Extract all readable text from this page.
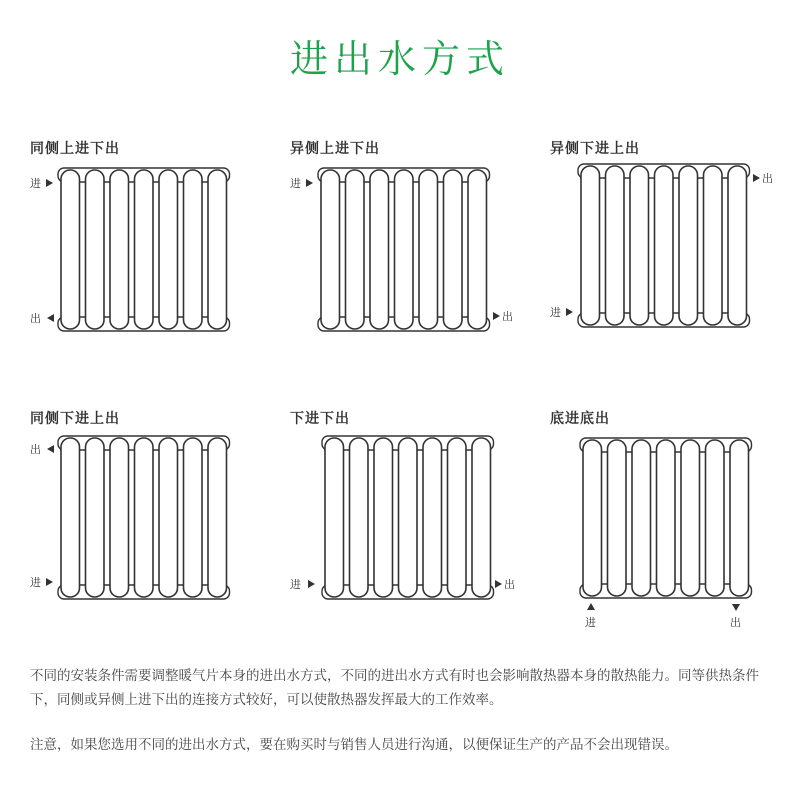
进出水方式
同侧上进下出
进
出
异侧上进下出
进
出
异侧下进上出
进
出
同侧下进上出
出
进
下进下出
进	出
底进底出
进	出
不同的安装条件需要调整暖气片本身的进出水方式，不同的进出水方式有时也会影响散热器本身的散热能力。同等供热条件下，同侧或异侧上进下出的连接方式较好，可以使散热器发挥最大的工作效率。
注意，如果您选用不同的进出水方式，要在购买时与销售人员进行沟通，以便保证生产的产品不会出现错误。
